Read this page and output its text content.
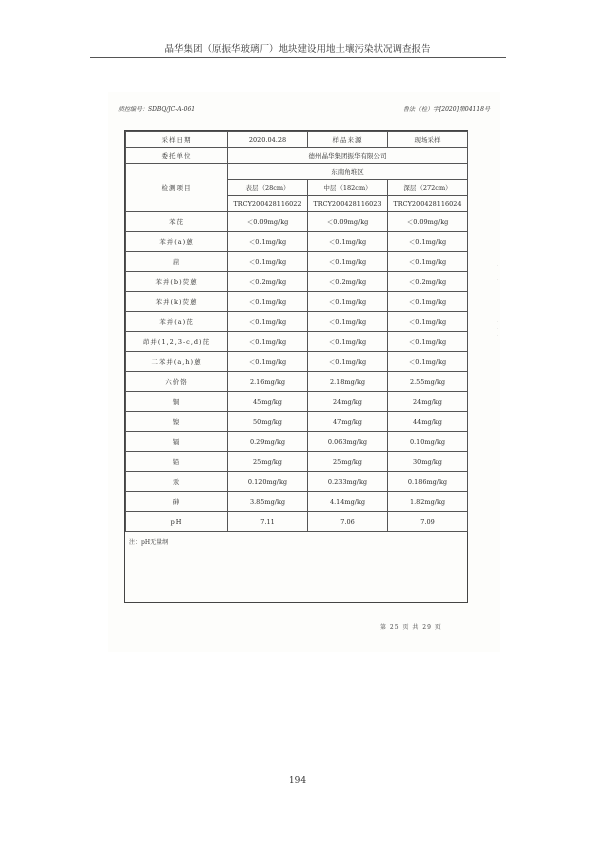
晶华集团（原振华玻璃厂）地块建设用地土壤污染状况调查报告
质控编号：SDBQ/JC-A-061	鲁法（检）字[2020]第04118号
采样日期	2020.04.28	样品来源	现场采样
委托单位	德州晶华集团振华有限公司		
检测项目	东南角堆区		
	表层（28cm）	中层（182cm）	深层（272cm）
	TRCY200428116022	TRCY200428116023	TRCY200428116024
苯芘	＜0.09mg/kg	＜0.09mg/kg	＜0.09mg/kg
苯并(a)蒽	＜0.1mg/kg	＜0.1mg/kg	＜0.1mg/kg
䓛	＜0.1mg/kg	＜0.1mg/kg	＜0.1mg/kg
苯并(b)荧蒽	＜0.2mg/kg	＜0.2mg/kg	＜0.2mg/kg
苯并(k)荧蒽	＜0.1mg/kg	＜0.1mg/kg	＜0.1mg/kg
苯并(a)芘	＜0.1mg/kg	＜0.1mg/kg	＜0.1mg/kg
茚并(1,2,3-c,d)芘	＜0.1mg/kg	＜0.1mg/kg	＜0.1mg/kg
二苯并(a,h)蒽	＜0.1mg/kg	＜0.1mg/kg	＜0.1mg/kg
六价铬	2.16mg/kg	2.18mg/kg	2.55mg/kg
铜	45mg/kg	24mg/kg	24mg/kg
镍	50mg/kg	47mg/kg	44mg/kg
镉	0.29mg/kg	0.063mg/kg	0.10mg/kg
铅	25mg/kg	25mg/kg	30mg/kg
汞	0.120mg/kg	0.233mg/kg	0.186mg/kg
砷	3.85mg/kg	4.14mg/kg	1.82mg/kg
pH	7.11	7.06	7.09
注：pH无量纲
第 25 页 共 29 页
·

·

·
·
·
194
